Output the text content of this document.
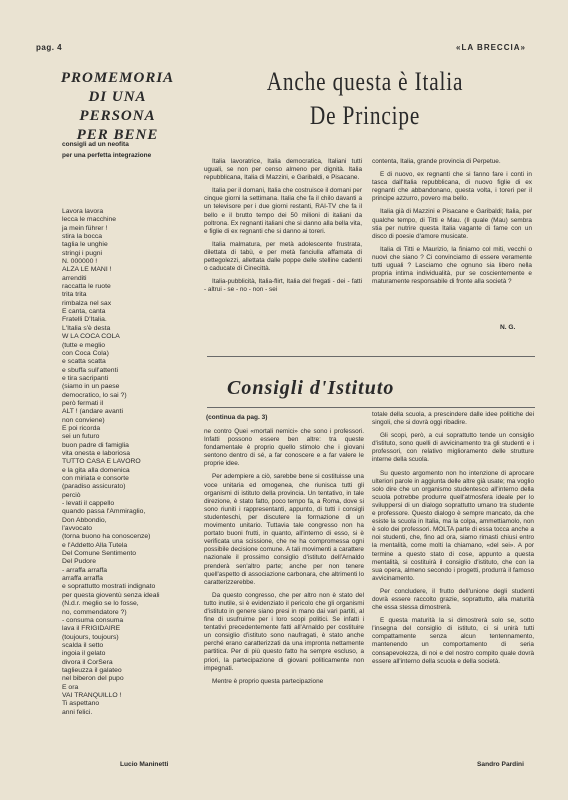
pag. 4	«LA BRECCIA»
PROMEMORIA
DI UNA PERSONA
PER BENE
consigli ad un neofita
per una perfetta integrazione
Lavora lavora
lecca le macchine
ja mein führer !
stira la bocca
taglia le unghie
stringi i pugni
N. 000000 !
ALZA LE MANI !
arrenditi
raccatta le ruote
trita trita
rimbalza nel sax
E canta, canta
Fratelli D'Italia.
L'Italia s'è desta
W LA COCA COLA
(tutte e meglio
con Coca Cola)
e scatta scatta
e sbuffa sull'attenti
e tira sacripanti
(siamo in un paese
democratico, lo sai ?)
però fermati il
ALT ! (andare avanti
non conviene)
E poi ricorda
sei un futuro
buon padre di famiglia
vita onesta e laboriosa
TUTTO CASA E LAVORO
e la gita alla domenica
con miriata e consorte
(paradiso assicurato)
perciò
- levati il cappello
quando passa l'Ammiraglio,
Don Abbondio,
l'avvocato
(torna buono ha conoscenze)
e l'Addetto Alla Tutela
Del Comune Sentimento
Del Pudore
- arraffa arraffa
arraffa arraffa
e soprattutto mostrati indignato
per questa gioventù senza ideali
(N.d.r. meglio se lo fosse,
no, commendatore ?)
- consuma consuma
lava il FRIGIDAIRE
(toujours, toujours)
scalda il setto
ingoia il gelato
divora il CorSera
taglieuzza il galateo
nel biberon del pupo
E ora
VAI TRANQUILLO !
Ti aspettano
anni felici.
Lucio Maninetti
Anche questa è Italia
De Principe

Italia lavoratrice, Italia democratica, Italiani tutti uguali, se non per censo almeno per dignità. Italia repubblicana, Italia di Mazzini, e Garibaldi, e Pisacane.

Italia per il domani, Italia che costruisce il domani per cinque giorni la settimana. Italia che fa il chilo davanti a un televisore per i due giorni restanti, RAI-TV che fa il bello e il brutto tempo dei 50 milioni di italiani da poltrona. Ex regnanti italiani che si danno alla bella vita, e figlie di ex regnanti che si danno ai toreri.

Italia malmatura, per metà adolescente frustrata, dilettata di tabù, e per metà fanciulla affamata di pettegolezzi, allettata dalle poppe delle stelline cadenti o caducate di Cinecittà.

Italia-pubblicità, Italia-flirt, Italia del fregati - dei - fatti - altrui - se - no - non - sei

contenta, Italia, grande provincia di Perpetue.

E di nuovo, ex regnanti che si fanno fare i conti in tasca dall'Italia repubblicana, di nuovo figlie di ex regnanti che abbandonano, questa volta, i toreri per il principe azzurro, povero ma bello.

Italia già di Mazzini e Pisacane e Garibaldi; Italia, per qualche tempo, di Titti e Mau. (Il quale (Mau) sembra stia per nutrire questa Italia vagante di fame con un disco di poesie d'amore musicate.

Italia di Titti e Maurizio, la finiamo col miti, vecchi o nuovi che siano ? Ci convinciamo di essere veramente tutti uguali ? Lasciamo che ognuno sia libero nella propria intima individualità, pur se coscientemente e maturamente responsabile di fronte alla società ?

N. G.
Consigli d'Istituto
(continua da pag. 3)

ne contro Quei «mortali nemici» che sono i professori. Infatti possono essere ben altre: tra queste fondamentale è proprio quello stimolo che i giovani sentono dentro di sé, a far conoscere e a far valere le proprie idee.

Per adempiere a ciò, sarebbe bene si costituisse una voce unitaria ed omogenea, che riunisca tutti gli organismi di istituto della provincia. Un tentativo, in tale direzione, è stato fatto, poco tempo fa, a Roma, dove si sono riuniti i rappresentanti, appunto, di tutti i consigli studenteschi, per discutere la formazione di un movimento unitario. Tuttavia tale congresso non ha portato buoni frutti, in quanto, all'interno di esso, si è verificata una scissione, che ne ha compromessa ogni possibile decisione comune. A tali movimenti a carattere nazionale il prossimo consiglio d'istituto dell'Arnaldo prenderà sen'altro parte; anche per non tenere quell'aspetto di associazione carbonara, che altrimenti lo caratterizzerebbe.

Da questo congresso, che per altro non è stato del tutto inutile, si è evidenziato il pericolo che gli organismi d'istituto in genere siano presi in mano dai vari partiti, al fine di usufruirne per i loro scopi politici. Se infatti i tentativi precedentemente fatti all'Arnaldo per costituire un consiglio d'istituto sono naufragati, è stato anche perché erano caratterizzati da una impronta nettamente partitica. Per di più questo fatto ha sempre escluso, a priori, la partecipazione di giovani politicamente non impegnati.

Mentre è proprio questa partecipazione

totale della scuola, a prescindere dalle idee politiche dei singoli, che si dovrà oggi ribadire.

Gli scopi, però, a cui soprattutto tende un consiglio d'istituto, sono quelli di avvicinamento tra gli studenti e i professori, con relativo miglioramento delle strutture interne della scuola.

Su questo argomento non ho intenzione di aprocare ulteriori parole in aggiunta delle altre già usate; ma voglio solo dire che un organismo studentesco all'interno della scuola potrebbe produrre quell'atmosfera ideale per lo sviluppersi di un dialogo soprattutto umano tra studente e professore. Questo dialogo è sempre mancato, da che esiste la scuola in Italia, ma la colpa, ammettiamolo, non è solo dei professori. MOLTA parte di essa tocca anche a noi studenti, che, fino ad ora, siamo rimasti chiusi entro la mentalità, come molti la chiamano, «del sei». A por termine a questo stato di cose, appunto a questa mentalità, si costituirà il consiglio d'istituto, che con la sua opera, almeno secondo i progetti, produrrà il famoso avvicinamento.

Per concludere, il frutto dell'unione degli studenti dovrà essere raccolto grazie, soprattutto, alla maturità che essa stessa dimostrerà.

E questa maturità la si dimostrerà solo se, sotto l'insegna del consiglio di istituto, ci si unirà tutti compattamente senza alcun tentennamento, mantenendo un comportamento di seria consapevolezza, di noi e del nostro compito quale dovrà essere all'interno della scuola e della società.

Sandro Pardini
